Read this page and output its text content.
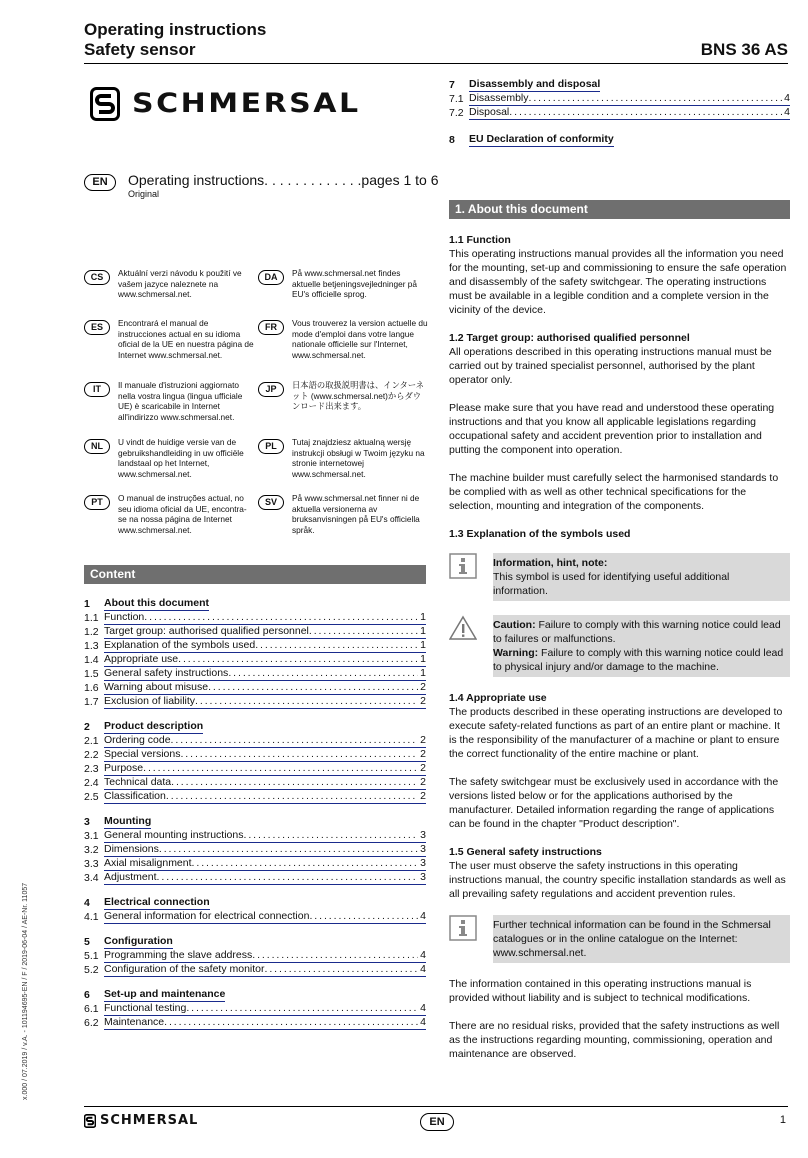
Operating instructions
Safety sensor	BNS 36 AS
SCHMERSAL
EN	Operating instructions. . . . . . . . . . . . .pages 1 to 6
Original
CS	Aktuální verzi návodu k použití ve vašem jazyce naleznete na www.schmersal.net.
DA	På www.schmersal.net findes aktuelle betjeningsvejledninger på EU's officielle sprog.
ES	Encontrará el manual de instrucciones actual en su idioma oficial de la UE en nuestra página de Internet www.schmersal.net.
FR	Vous trouverez la version actuelle du mode d'emploi dans votre langue nationale officielle sur l'Internet, www.schmersal.net.
IT	Il manuale d'istruzioni aggiornato nella vostra lingua (lingua ufficiale UE) è scaricabile in Internet all'indirizzo www.schmersal.net.
JP	日本語の取扱説明書は、インターネット (www.schmersal.net)からダウンロード出来ます。
NL	U vindt de huidige versie van de gebruikshandleiding in uw officiële landstaal op het Internet, www.schmersal.net.
PL	Tutaj znajdziesz aktualną wersję instrukcji obsługi w Twoim języku na stronie internetowej www.schmersal.net.
PT	O manual de instruções actual, no seu idioma oficial da UE, encontra-se na nossa página de Internet www.schmersal.net.
SV	På www.schmersal.net finner ni de aktuella versionerna av bruksanvisningen på EU's officiella språk.
Content
1	About this document
1.1 Function . . .	1
1.2 Target group: authorised qualified personnel . . .	1
1.3 Explanation of the symbols used . . .	1
1.4 Appropriate use . . .	1
1.5 General safety instructions . . .	1
1.6 Warning about misuse . . .	2
1.7 Exclusion of liability . . .	2
2	Product description
2.1 Ordering code . . .	2
2.2 Special versions . . .	2
2.3 Purpose . . .	2
2.4 Technical data . . .	2
2.5 Classification . . .	2
3	Mounting
3.1 General mounting instructions . . .	3
3.2 Dimensions . . .	3
3.3 Axial misalignment . . .	3
3.4 Adjustment . . .	3
4	Electrical connection
4.1 General information for electrical connection . . .	4
5	Configuration
5.1 Programming the slave address . . .	4
5.2 Configuration of the safety monitor . . .	4
6	Set-up and maintenance
6.1 Functional testing . . .	4
6.2 Maintenance . . .	4
7	Disassembly and disposal
7.1 Disassembly . . .	4
7.2 Disposal . . .	4
8	EU Declaration of conformity
1. About this document
1.1 Function

This operating instructions manual provides all the information you need for the mounting, set-up and commissioning to ensure the safe operation and disassembly of the safety switchgear. The operating instructions must be available in a legible condition and a complete version in the vicinity of the device.

1.2 Target group: authorised qualified personnel

All operations described in this operating instructions manual must be carried out by trained specialist personnel, authorised by the plant operator only.

Please make sure that you have read and understood these operating instructions and that you know all applicable legislations regarding occupational safety and accident prevention prior to installation and putting the component into operation.

The machine builder must carefully select the harmonised standards to be complied with as well as other technical specifications for the selection, mounting and integration of the components.

1.3 Explanation of the symbols used
Information, hint, note:
This symbol is used for identifying useful additional information.
Caution: Failure to comply with this warning notice could lead to failures or malfunctions.
Warning: Failure to comply with this warning notice could lead to physical injury and/or damage to the machine.
1.4 Appropriate use

The products described in these operating instructions are developed to execute safety-related functions as part of an entire plant or machine. It is the responsibility of the manufacturer of a machine or plant to ensure the correct functionality of the entire machine or plant.

The safety switchgear must be exclusively used in accordance with the versions listed below or for the applications authorised by the manufacturer. Detailed information regarding the range of applications can be found in the chapter "Product description".

1.5 General safety instructions

The user must observe the safety instructions in this operating instructions manual, the country specific installation standards as well as all prevailing safety regulations and accident prevention rules.

Further technical information can be found in the Schmersal catalogues or in the online catalogue on the Internet: www.schmersal.net.

The information contained in this operating instructions manual is provided without liability and is subject to technical modifications.

There are no residual risks, provided that the safety instructions as well as the instructions regarding mounting, commissioning, operation and maintenance are observed.

SCHMERSAL	EN	1
x.000 / 07.2019 / v.A. - 101194695-EN / F / 2019-06-04 / AE-Nr. 11057
